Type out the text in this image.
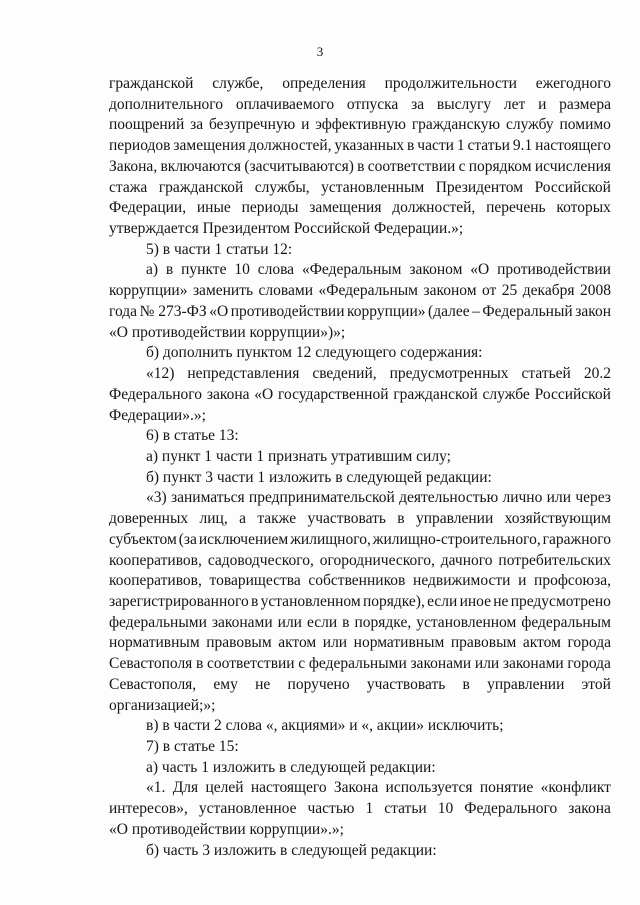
3
гражданской службе, определения продолжительности ежегодного
дополнительного оплачиваемого отпуска за выслугу лет и размера
поощрений за безупречную и эффективную гражданскую службу помимо
периодов замещения должностей, указанных в части 1 статьи 9.1 настоящего
Закона, включаются (засчитываются) в соответствии с порядком исчисления
стажа гражданской службы, установленным Президентом Российской
Федерации, иные периоды замещения должностей, перечень которых
утверждается Президентом Российской Федерации.»;
5) в части 1 статьи 12:
а) в пункте 10 слова «Федеральным законом «О противодействии
коррупции» заменить словами «Федеральным законом от 25 декабря 2008
года № 273-ФЗ «О противодействии коррупции» (далее – Федеральный закон
«О противодействии коррупции»)»;
б) дополнить пунктом 12 следующего содержания:
«12) непредставления сведений, предусмотренных статьей 20.2
Федерального закона «О государственной гражданской службе Российской
Федерации».»;
6) в статье 13:
а) пункт 1 части 1 признать утратившим силу;
б) пункт 3 части 1 изложить в следующей редакции:
«3) заниматься предпринимательской деятельностью лично или через
доверенных лиц, а также участвовать в управлении хозяйствующим
субъектом (за исключением жилищного, жилищно-строительного, гаражного
кооперативов, садоводческого, огороднического, дачного потребительских
кооперативов, товарищества собственников недвижимости и профсоюза,
зарегистрированного в установленном порядке), если иное не предусмотрено
федеральными законами или если в порядке, установленном федеральным
нормативным правовым актом или нормативным правовым актом города
Севастополя в соответствии с федеральными законами или законами города
Севастополя, ему не поручено участвовать в управлении этой
организацией;»;
в) в части 2 слова «, акциями» и «, акции» исключить;
7) в статье 15:
а) часть 1 изложить в следующей редакции:
«1. Для целей настоящего Закона используется понятие «конфликт
интересов», установленное частью 1 статьи 10 Федерального закона
«О противодействии коррупции».»;
б) часть 3 изложить в следующей редакции:
